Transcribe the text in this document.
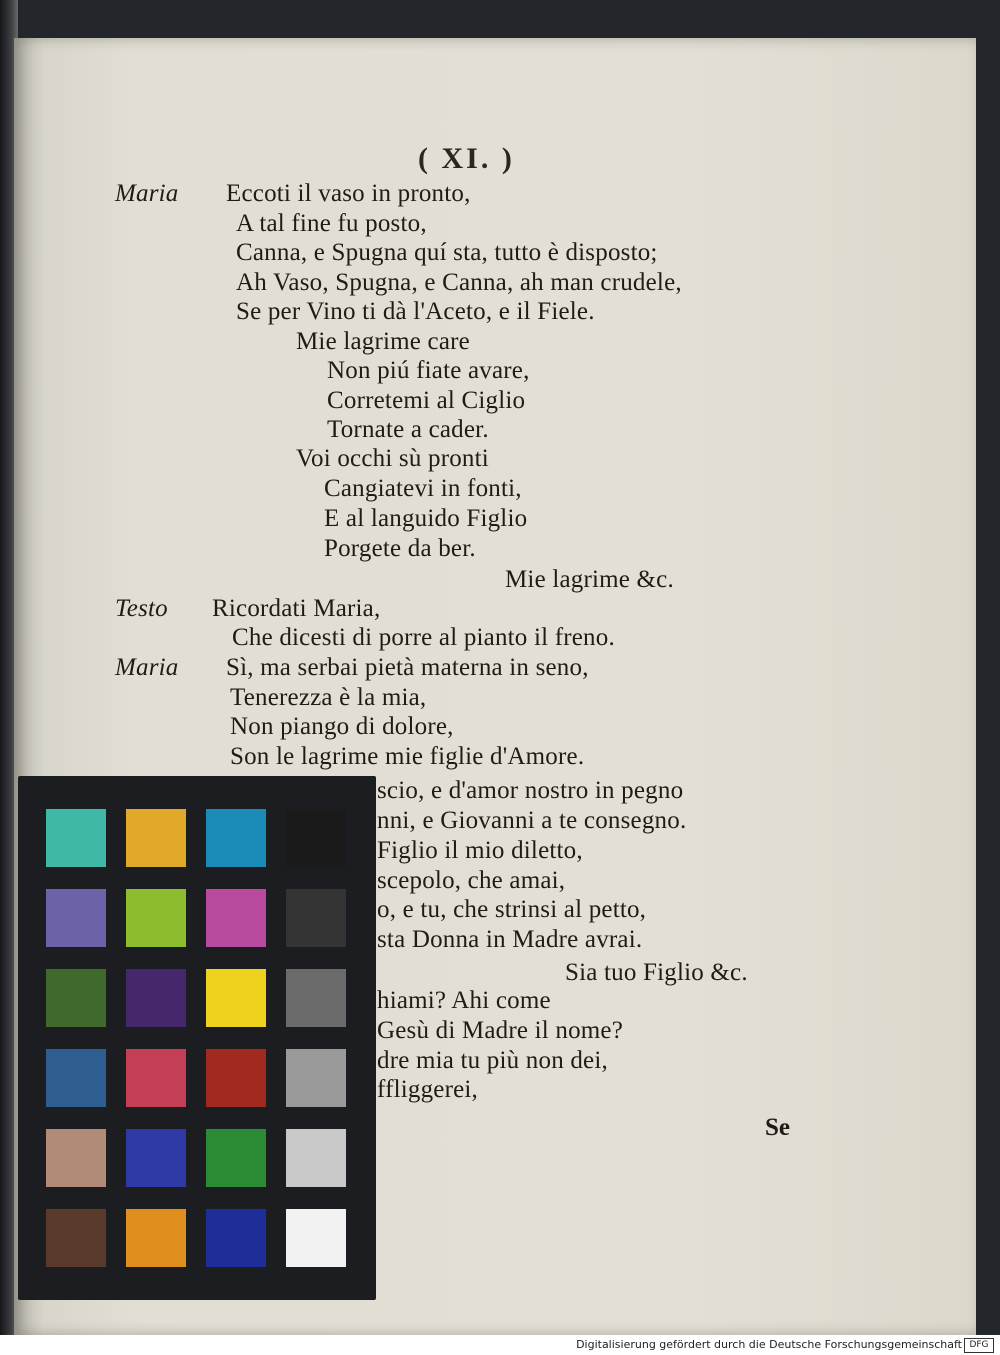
( XI. )
Maria Eccoti il vaso in pronto,
A tal fine fu posto,
Canna, e Spugna quí sta, tutto è disposto;
Ah Vaso, Spugna, e Canna, ah man crudele,
Se per Vino ti dà l'Aceto, e il Fiele.
Mie lagrime care
Non piú fiate avare,
Corretemi al Ciglio
Tornate a cader.
Voi occhi sù pronti
Cangiatevi in fonti,
E al languido Figlio
Porgete da ber.
Mie lagrime &c.
Testo Ricordati Maria,
Che dicesti di porre al pianto il freno.
Maria Sì, ma serbai pietà materna in seno,
Tenerezza è la mia,
Non piango di dolore,
Son le lagrime mie figlie d'Amore.
scio, e d'amor nostro in pegno
nni, e Giovanni a te consegno.
Figlio il mio diletto,
scepolo, che amai,
o, e tu, che strinsi al petto,
sta Donna in Madre avrai.
Sia tuo Figlio &c.
hiami? Ahi come
Gesù di Madre il nome?
dre mia tu più non dei,
ffliggerei,
Se
Digitalisierung gefördert durch die Deutsche Forschungsgemeinschaft DFG
